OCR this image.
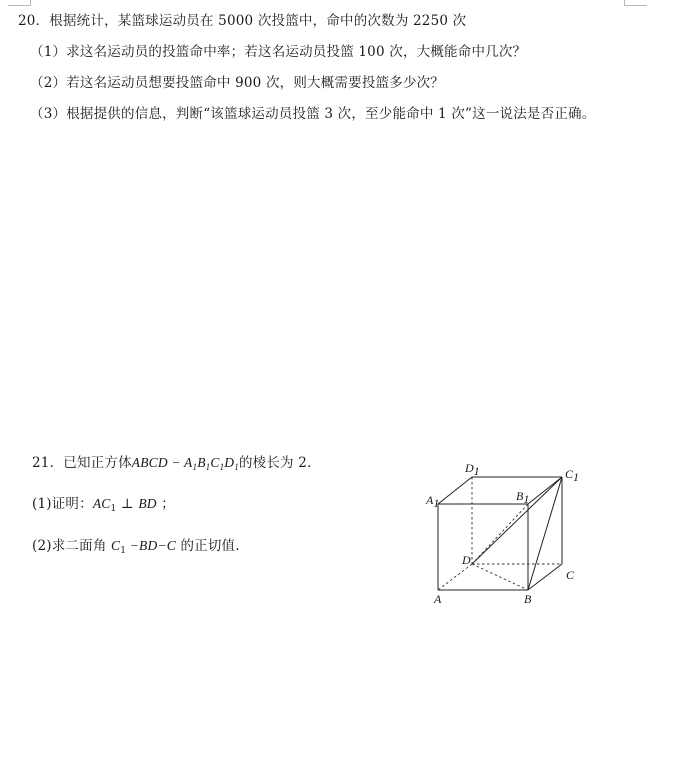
20．根据统计，某篮球运动员在 5000 次投篮中，命中的次数为 2250 次
（1）求这名运动员的投篮命中率；若这名运动员投篮 100 次，大概能命中几次？
（2）若这名运动员想要投篮命中 900 次，则大概需要投篮多少次？
（3）根据提供的信息，判断“该篮球运动员投篮 3 次，至少能命中 1 次”这一说法是否正确。
21．已知正方体ABCD − $A_1B_1C_1D_1$的棱长为 2.
(1)证明：$AC_1$ ⊥ BD ；
(2)求二面角 $C_1 -BD-C$ 的正切值.
D1	C1
A1	B1
D
C
A	B
